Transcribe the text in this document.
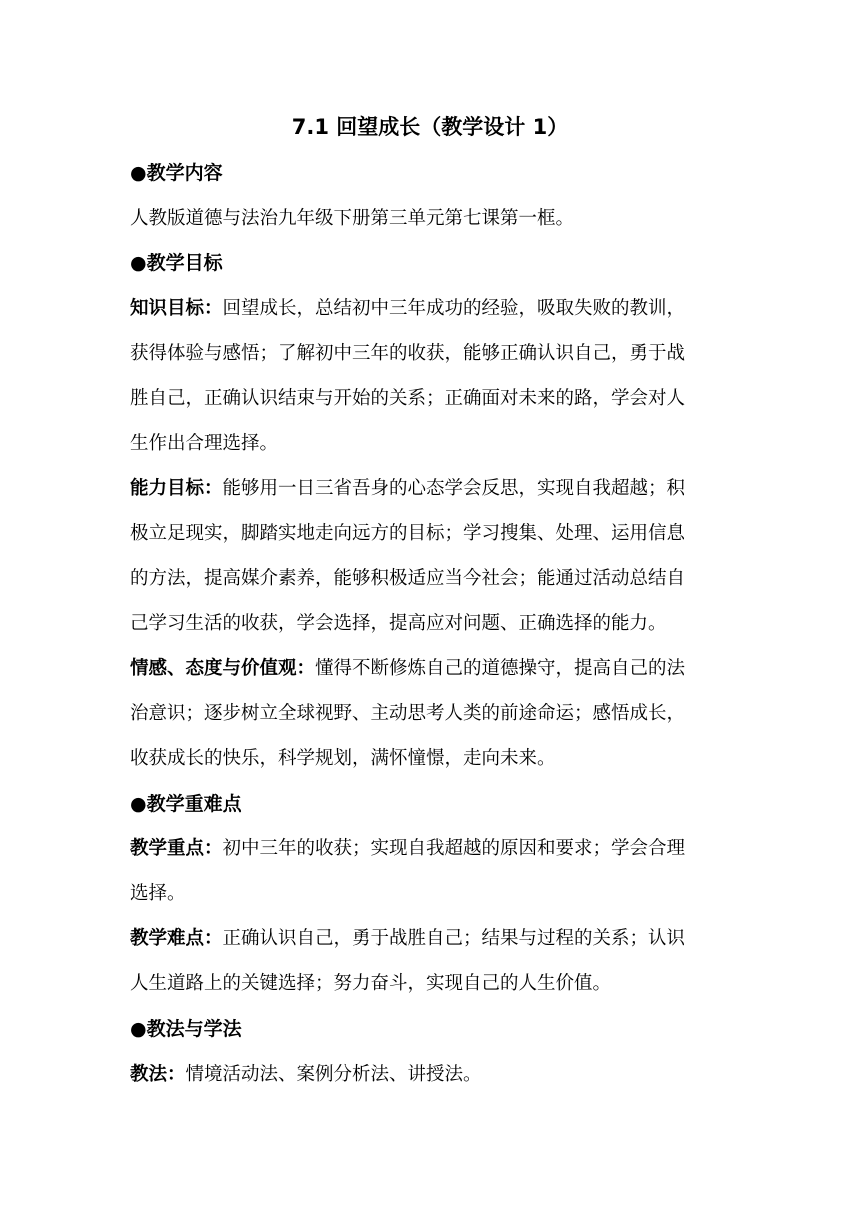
7.1 回望成长（教学设计 1）
●教学内容
人教版道德与法治九年级下册第三单元第七课第一框。
●教学目标
知识目标：回望成长，总结初中三年成功的经验，吸取失败的教训，
获得体验与感悟；了解初中三年的收获，能够正确认识自己，勇于战
胜自己，正确认识结束与开始的关系；正确面对未来的路，学会对人
生作出合理选择。
能力目标：能够用一日三省吾身的心态学会反思，实现自我超越；积
极立足现实，脚踏实地走向远方的目标；学习搜集、处理、运用信息
的方法，提高媒介素养，能够积极适应当今社会；能通过活动总结自
己学习生活的收获，学会选择，提高应对问题、正确选择的能力。
情感、态度与价值观：懂得不断修炼自己的道德操守，提高自己的法
治意识；逐步树立全球视野、主动思考人类的前途命运；感悟成长，
收获成长的快乐，科学规划，满怀憧憬，走向未来。
●教学重难点
教学重点：初中三年的收获；实现自我超越的原因和要求；学会合理
选择。
教学难点：正确认识自己，勇于战胜自己；结果与过程的关系；认识
人生道路上的关键选择；努力奋斗，实现自己的人生价值。
●教法与学法
教法：情境活动法、案例分析法、讲授法。
